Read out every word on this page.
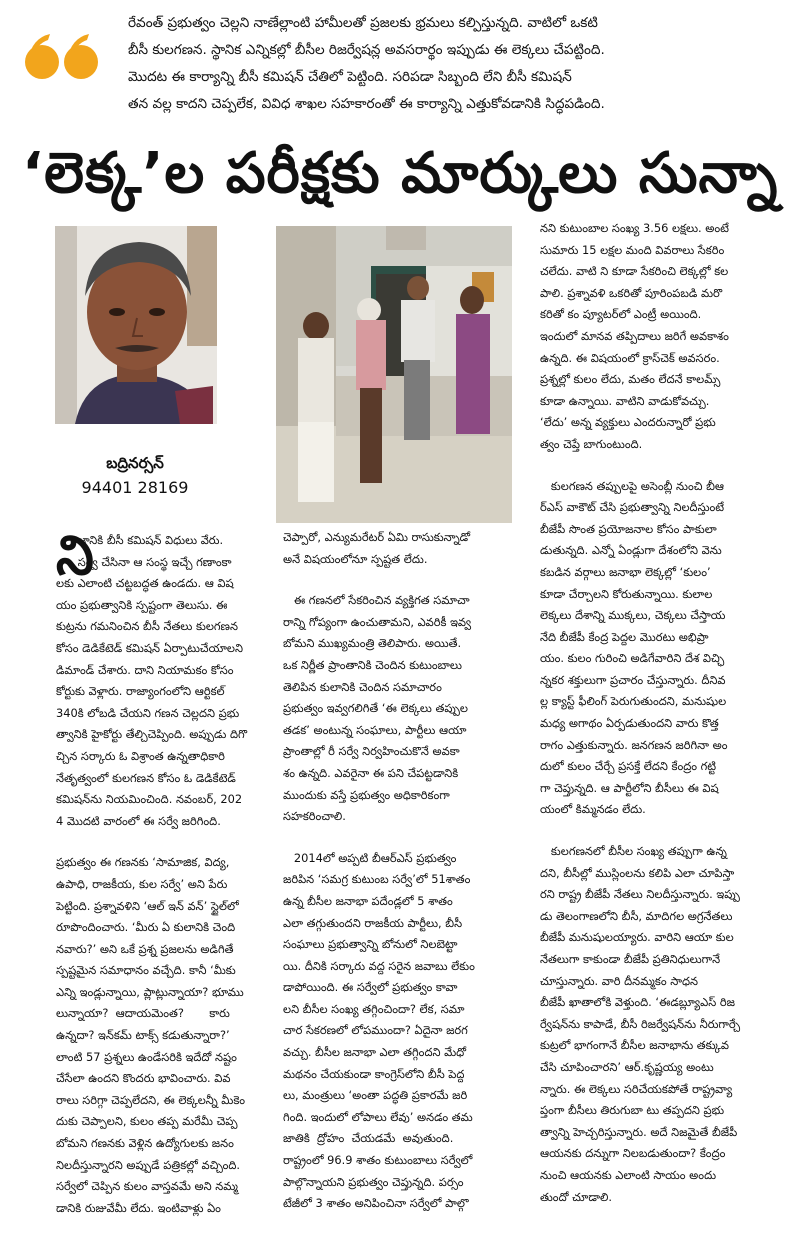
రేవంత్ ప్రభుత్వం చెల్లని నాణేల్లాంటి హామీలతో ప్రజలకు భ్రమలు కల్పిస్తున్నది. వాటిలో ఒకటి

బీసీ కులగణన. స్థానిక ఎన్నికల్లో బీసీల రిజర్వేషన్ల అవసరార్థం ఇప్పుడు ఈ లెక్కలు చేపట్టింది.

మొదట ఈ కార్యాన్ని బీసీ కమిషన్ చేతిలో పెట్టింది. సరిపడా సిబ్బంది లేని బీసీ కమిషన్

తన వల్ల కాదని చెప్పలేక, వివిధ శాఖల సహకారంతో ఈ కార్యాన్ని ఎత్తుకోవడానికి సిద్ధపడింది.

‘లెక్క’ల పరీక్షకు మార్కులు సున్నా
బద్రినర్సన్
94401 28169
ని

జానికి బీసీ కమిషన్ విధులు వేరు.
సర్వే చేసినా ఆ సంస్థ ఇచ్చే గణాంకా
లకు ఎలాంటి చట్టబద్ధత ఉండదు. ఆ విష
యం ప్రభుత్వానికి స్పష్టంగా తెలుసు. ఈ
కుట్రను గమనించిన బీసీ నేతలు కులగణన
కోసం డెడికేటెడ్ కమిషన్ ఏర్పాటుచేయాలని
డిమాండ్ చేశారు. దాని నియామకం కోసం
కోర్టుకు వెళ్లారు. రాజ్యాంగంలోని ఆర్టికల్
340కి లోబడి చేయని గణన చెల్లదని ప్రభు
త్వానికి హైకోర్టు తేల్చిచెప్పింది. అప్పుడు దిగొ
చ్చిన సర్కారు ఓ విశ్రాంత ఉన్నతాధికారి
నేతృత్వంలో కులగణన కోసం ఓ డెడికేటెడ్
కమిషన్‌ను నియమించింది. నవంబర్, 202
4 మొదటి వారంలో ఈ సర్వే జరిగింది.

ప్రభుత్వం ఈ గణనకు ‘సామాజిక, విద్య,
ఉపాధి, రాజకీయ, కుల సర్వే’ అని పేరు
పెట్టింది. ప్రశ్నావళిని ‘ఆల్ ఇన్ వన్’ స్టైల్‌లో
రూపొందించారు. ‘మీరు ఏ కులానికి చెంది
నవారు?’ అని ఒకే ప్రశ్న ప్రజలను అడిగితే
స్పష్టమైన సమాధానం వచ్చేది. కానీ ‘మీకు
ఎన్ని ఇండ్లున్నాయి, ప్లాట్లున్నాయా? భూము
లున్నాయా?  ఆదాయమెంత?       కారు
ఉన్నదా? ఇన్‌కమ్ టాక్స్ కడుతున్నారా?’
లాంటి 57 ప్రశ్నలు ఉండేసరికి ఇదేదో నష్టం
చేసేలా ఉందని కొందరు భావించారు. వివ
రాలు సరిగ్గా చెప్పలేదని, ఈ లెక్కలన్నీ మీకెం
దుకు చెప్పాలని, కులం తప్ప మరేమీ చెప్ప
బోమని గణనకు వెళ్లిన ఉద్యోగులకు జనం
నిలదీస్తున్నారని అప్పుడే పత్రికల్లో వచ్చింది.
సర్వేలో చెప్పిన కులం వాస్తవమే అని నమ్మ
డానికి రుజువేమీ లేదు. ఇంటివాళ్లు ఏం

చెప్పారో, ఎన్యుమరేటర్ ఏమి రాసుకున్నాడో
అనే విషయంలోనూ స్పష్టత లేదు.

ఈ గణనలో సేకరించిన వ్యక్తిగత సమాచా
రాన్ని గోప్యంగా ఉంచుతామని, ఎవరికీ ఇవ్వ
బోమని ముఖ్యమంత్రి తెలిపారు. అయితే.
ఒక నిర్ణీత ప్రాంతానికి చెందిన కుటుంబాలు
తెలిపిన కులానికి చెందిన సమాచారం
ప్రభుత్వం ఇవ్వగలిగితే ‘ఈ లెక్కలు తప్పుల
తడక’ అంటున్న సంఘాలు, పార్టీలు ఆయా
ప్రాంతాల్లో రీ సర్వే నిర్వహించుకొనే అవకా
శం ఉన్నది. ఎవరైనా ఈ పని చేపట్టడానికి
ముందుకు వస్తే ప్రభుత్వం అధికారికంగా
సహకరించాలి.

2014లో అప్పటి బీఆర్ఎస్ ప్రభుత్వం
జరిపిన ‘సమగ్ర కుటుంబ సర్వే’లో 51శాతం
ఉన్న బీసీల జనాభా పదేండ్లలో 5 శాతం
ఎలా తగ్గుతుందని రాజకీయ పార్టీలు, బీసీ
సంఘాలు ప్రభుత్వాన్ని బోనులో నిలబెట్టా
యి. దీనికి సర్కారు వద్ద సరైన జవాబు లేకుం
డాపోయింది. ఈ సర్వేలో ప్రభుత్వం కావా
లని బీసీల సంఖ్య తగ్గించిందా? లేక, సమా
చార సేకరణలో లోపముందా? ఏదైనా జరగ
వచ్చు. బీసీల జనాభా ఎలా తగ్గిందని మేధో
మథనం చేయకుండా కాంగ్రెస్‌లోని బీసీ పెద్ద
లు, మంత్రులు ‘అంతా పద్ధతి ప్రకారమే జరి
గింది. ఇందులో లోపాలు లేవు’ అనడం తమ
జాతికి  ద్రోహం  చేయడమే  అవుతుంది.
రాష్ట్రంలో 96.9 శాతం కుటుంబాలు సర్వేలో
పాల్గొన్నాయని ప్రభుత్వం చెప్తున్నది. పర్సం
టేజీలో 3 శాతం అనిపించినా సర్వేలో పాల్గొ

నని కుటుంబాల సంఖ్య 3.56 లక్షలు. అంటే
సుమారు 15 లక్షల మంది వివరాలు సేకరిం
చలేదు. వాటి ని కూడా సేకరించి లెక్కల్లో కల
పాలి. ప్రశ్నావళి ఒకరితో పూరింపబడి మరొ
కరితో కం ప్యూటర్‌లో ఎంట్రీ అయింది.
ఇందులో మానవ తప్పిదాలు జరిగే అవకాశం
ఉన్నది. ఈ విషయంలో క్రాస్‌చెక్ అవసరం.
ప్రశ్నల్లో కులం లేదు, మతం లేదనే కాలమ్స్
కూడా ఉన్నాయి. వాటిని వాడుకోవచ్చు.
‘లేదు’ అన్న వ్యక్తులు ఎందరున్నారో ప్రభు
త్వం చెప్తే బాగుంటుంది.

కులగణన తప్పులపై అసెంబ్లీ నుంచి బీఆ
ర్ఎస్ వాకౌట్ చేసి ప్రభుత్వాన్ని నిలదీస్తుంటే
బీజేపీ సొంత ప్రయోజనాల కోసం పాకులా
డుతున్నది. ఎన్నో ఏండ్లుగా దేశంలోని వెను
కబడిన వర్గాలు జనాభా లెక్కల్లో ‘కులం’
కూడా చేర్చాలని కోరుతున్నాయి. కులాల
లెక్కలు దేశాన్ని ముక్కలు, చెక్కలు చేస్తాయ
నేది బీజేపీ కేంద్ర పెద్దల మొరటు అభిప్రా
యం. కులం గురించి అడిగేవారిని దేశ విచ్ఛి
న్నకర శక్తులుగా ప్రచారం చేస్తున్నారు. దీనివ
ల్ల క్యాస్ట్ ఫీలింగ్ పెరుగుతుందని, మనుషుల
మధ్య అగాథం ఏర్పడుతుందని వారు కొత్త
రాగం ఎత్తుకున్నారు. జనగణన జరిగినా అం
దులో కులం చేర్చే ప్రసక్తే లేదని కేంద్రం గట్టి
గా చెప్తున్నది. ఆ పార్టీలోని బీసీలు ఈ విష
యంలో కిమ్మనడం లేదు.

కులగణనలో బీసీల సంఖ్య తప్పుగా ఉన్న
దని, బీసీల్లో ముస్లింలను కలిపి ఎలా చూపిస్తా
రని రాష్ట్ర బీజేపీ నేతలు నిలదీస్తున్నారు. ఇప్పు
డు తెలంగాణలోని బీసీ, మాదిగల అగ్రనేతలు
బీజేపీ మనుషులయ్యారు. వారిని ఆయా కుల
నేతలుగా కాకుండా బీజేపీ ప్రతినిధులుగానే
చూస్తున్నారు. వారి దీనమ్మకం సాధన
బీజేపీ ఖాతాలోకి వెళ్తుంది. ‘ఈడబ్ల్యూఎస్ రిజ
ర్వేషన్‌ను కాపాడే, బీసీ రిజర్వేషన్‌ను నీరుగార్చే
కుట్రలో భాగంగానే బీసీల జనాభాను తక్కువ
చేసి చూపించారని’ ఆర్.కృష్ణయ్య అంటు
న్నారు. ఈ లెక్కలు సరిచేయకపోతే రాష్ట్రవ్యా
ప్తంగా బీసీలు తిరుగుబా టు తప్పదని ప్రభు
త్వాన్ని హెచ్చరిస్తున్నారు. అదే నిజమైతే బీజేపీ
ఆయనకు దన్నుగా నిలబడుతుందా? కేంద్రం
నుంచి ఆయనకు ఎలాంటి సాయం అందు
తుందో చూడాలి.
